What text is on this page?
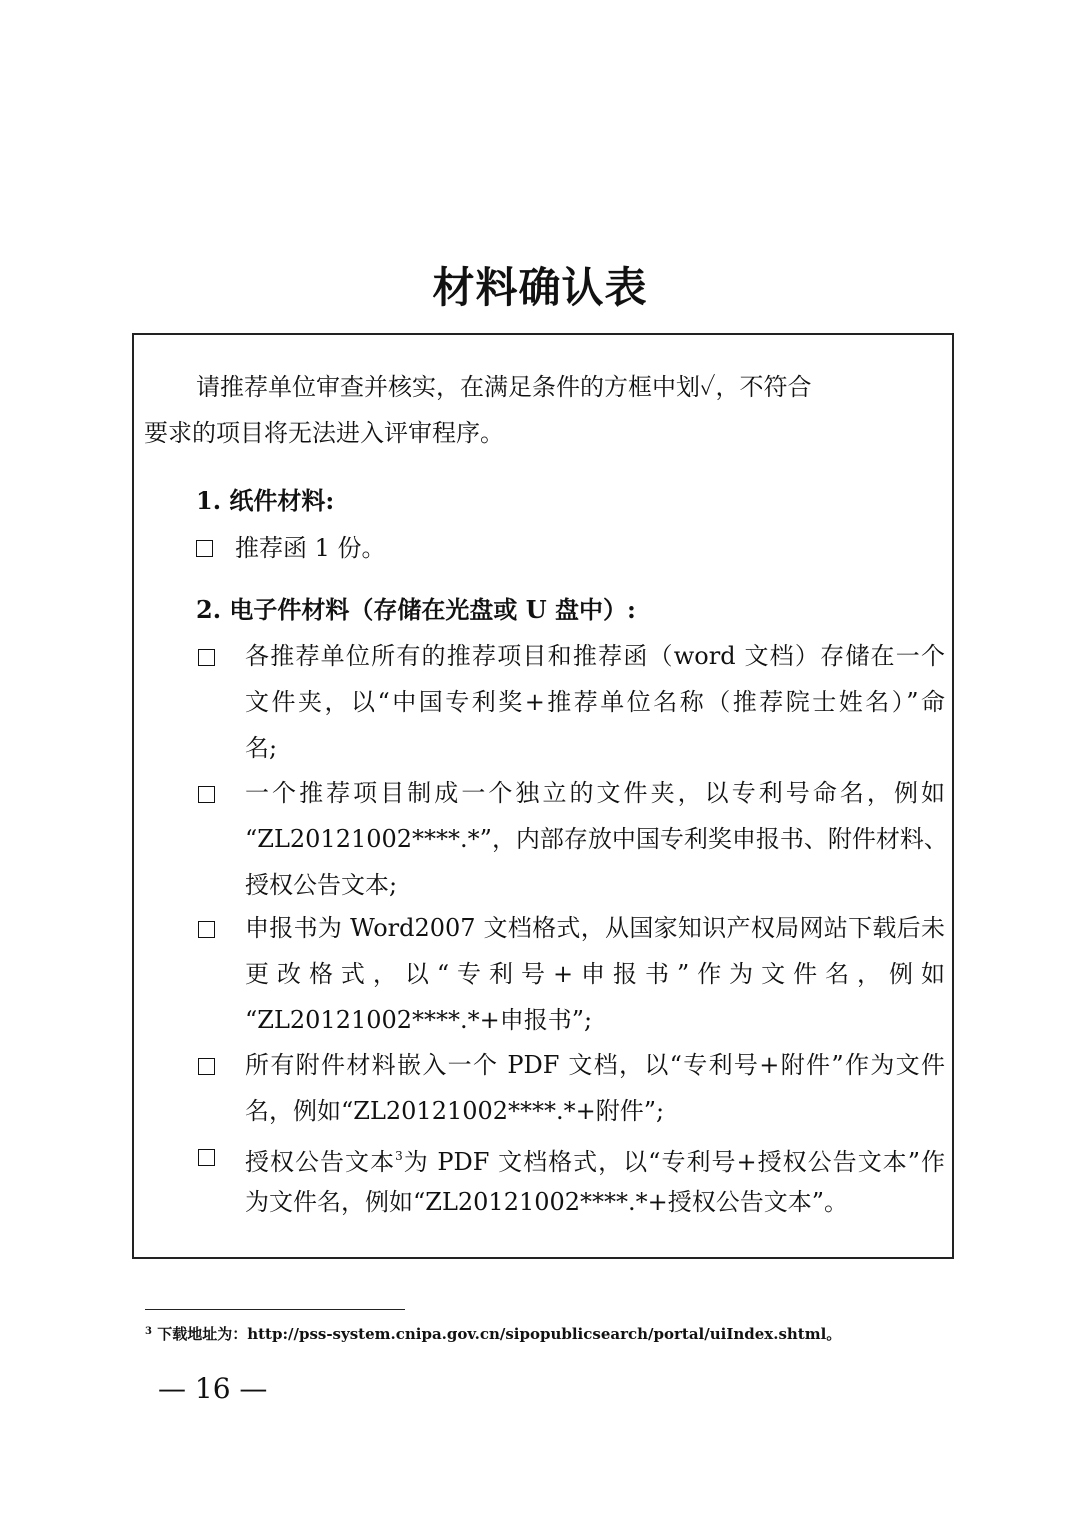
材料确认表
请推荐单位审查并核实，在满足条件的方框中划✓，不符合
要求的项目将无法进入评审程序。
1. 纸件材料:
推荐函 1 份。
2. 电子件材料（存储在光盘或 U 盘中）:
各推荐单位所有的推荐项目和推荐函（word 文档）存储在一个
文件夹，以“中国专利奖+推荐单位名称（推荐院士姓名）”命
名;
一个推荐项目制成一个独立的文件夹，以专利号命名，例如
“ZL20121002****.*”，内部存放中国专利奖申报书、附件材料、
授权公告文本;
申报书为 Word2007 文档格式，从国家知识产权局网站下载后未
更改格式，以“专利号+申报书”作为文件名，例如
“ZL20121002****.*+申报书”;
所有附件材料嵌入一个 PDF 文档，以“专利号+附件”作为文件
名，例如“ZL20121002****.*+附件”;
授权公告文本$^3$为 PDF 文档格式，以“专利号+授权公告文本”作
为文件名，例如“ZL20121002****.*+授权公告文本”。
$^3$ 下载地址为：http://pss-system.cnipa.gov.cn/sipopublicsearch/portal/uiIndex.shtml。
— 16 —
